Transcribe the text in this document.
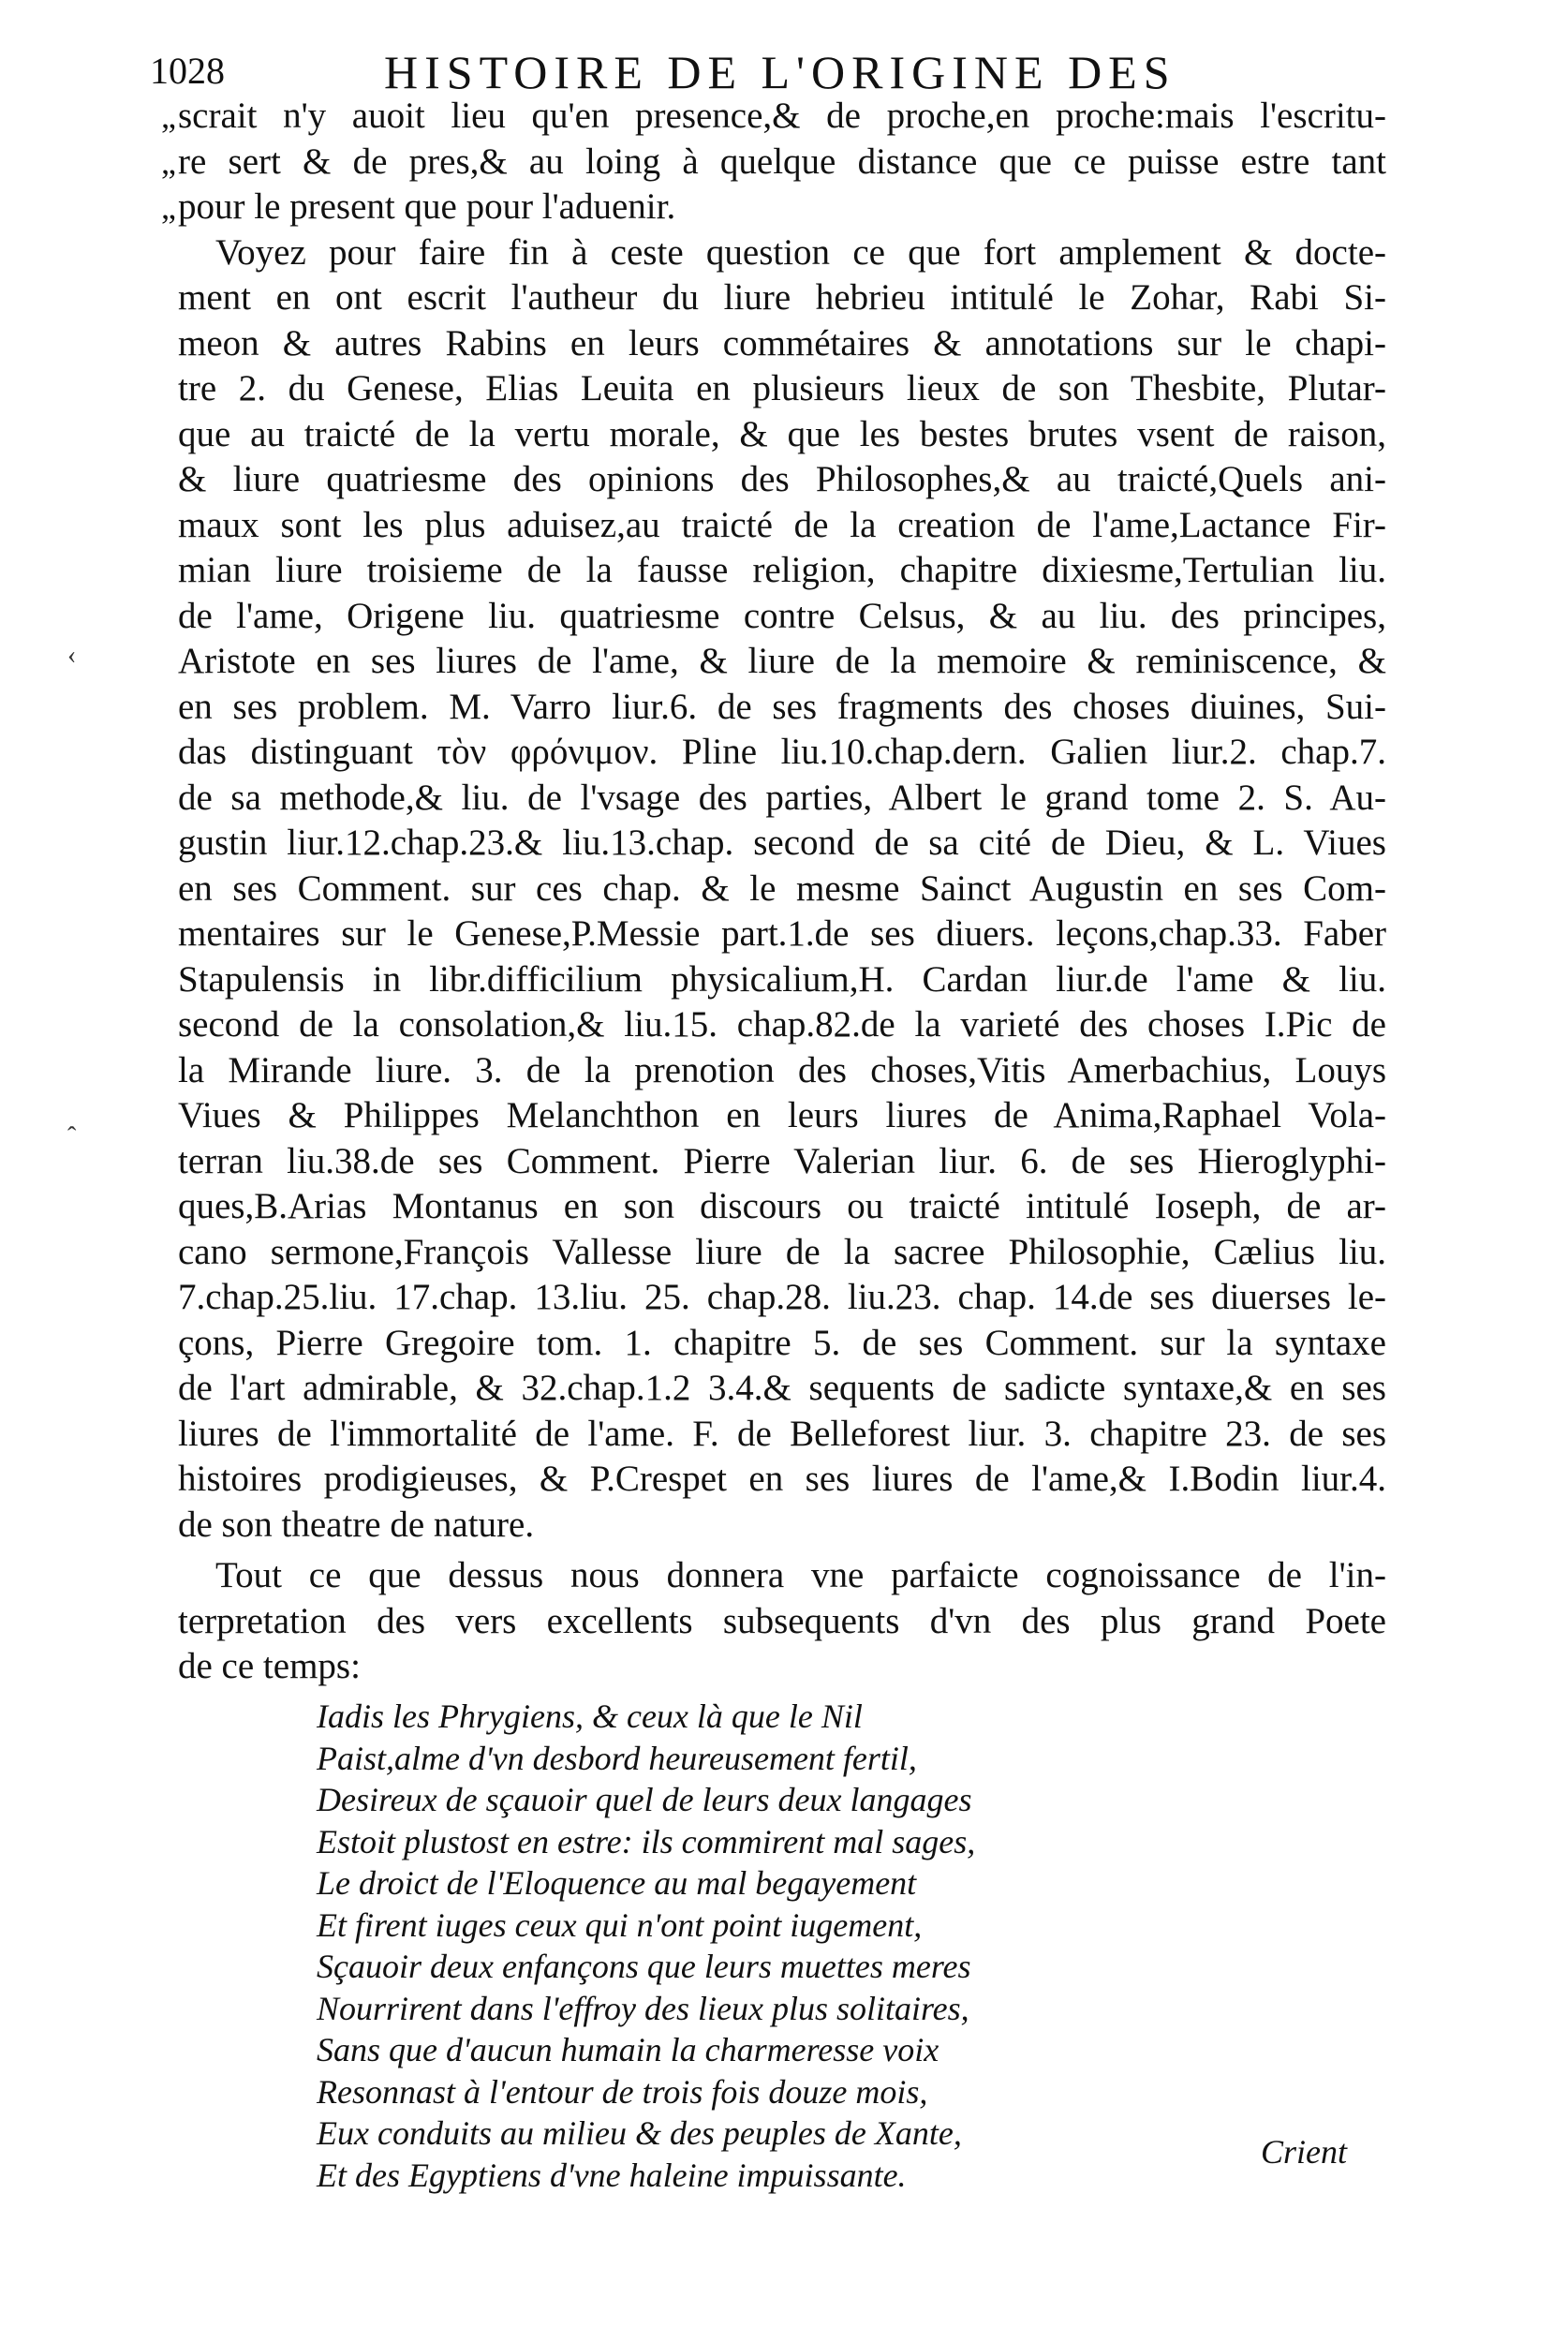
1028	HISTOIRE DE L'ORIGINE DES
„ scrait n'y auoit lieu qu'en presence,& de proche,en proche:mais l'escritu-
„ re sert & de pres,& au loing à quelque distance que ce puisse estre tant
„ pour le present que pour l'aduenir.
Voyez pour faire fin à ceste question ce que fort amplement & docte-
ment en ont escrit l'autheur du liure hebrieu intitulé le Zohar, Rabi Si-
meon & autres Rabins en leurs commétaires & annotations sur le chapi-
tre 2. du Genese, Elias Leuita en plusieurs lieux de son Thesbite, Plutar-
que au traicté de la vertu morale, & que les bestes brutes vsent de raison,
& liure quatriesme des opinions des Philosophes,& au traicté,Quels ani-
maux sont les plus aduisez,au traicté de la creation de l'ame,Lactance Fir-
mian liure troisieme de la fausse religion, chapitre dixiesme,Tertulian liu.
de l'ame, Origene liu. quatriesme contre Celsus, & au liu. des principes,
Aristote en ses liures de l'ame, & liure de la memoire & reminiscence, &
en ses problem. M. Varro liur.6. de ses fragments des choses diuines, Sui-
das distinguant τὸν φρόνιμον. Pline liu.10.chap.dern. Galien liur.2. chap.7.
de sa methode,& liu. de l'vsage des parties, Albert le grand tome 2. S. Au-
gustin liur.12.chap.23.& liu.13.chap. second de sa cité de Dieu, & L. Viues
en ses Comment. sur ces chap. & le mesme Sainct Augustin en ses Com-
mentaires sur le Genese,P.Messie part.1.de ses diuers. leçons,chap.33. Faber
Stapulensis in libr.difficilium physicalium,H. Cardan liur.de l'ame & liu.
second de la consolation,& liu.15. chap.82.de la varieté des choses I.Pic de
la Mirande liure. 3. de la prenotion des choses,Vitis Amerbachius, Louys
Viues & Philippes Melanchthon en leurs liures de Anima,Raphael Vola-
terran liu.38.de ses Comment. Pierre Valerian liur. 6. de ses Hieroglyphi-
ques,B.Arias Montanus en son discours ou traicté intitulé Ioseph, de ar-
cano sermone,François Vallesse liure de la sacree Philosophie, Cælius liu.
7.chap.25.liu. 17.chap. 13.liu. 25. chap.28. liu.23. chap. 14.de ses diuerses le-
çons, Pierre Gregoire tom. 1. chapitre 5. de ses Comment. sur la syntaxe
de l'art admirable, & 32.chap.1.2 3.4.& sequents de sadicte syntaxe,& en ses
liures de l'immortalité de l'ame. F. de Belleforest liur. 3. chapitre 23. de ses
histoires prodigieuses, & P.Crespet en ses liures de l'ame,& I.Bodin liur.4.
de son theatre de nature.
Tout ce que dessus nous donnera vne parfaicte cognoissance de l'in-
terpretation des vers excellents subsequents d'vn des plus grand Poete
de ce temps:
Iadis les Phrygiens, & ceux là que le Nil
Paist,alme d'vn desbord heureusement fertil,
Desireux de sçauoir quel de leurs deux langages
Estoit plustost en estre: ils commirent mal sages,
Le droict de l'Eloquence au mal begayement
Et firent iuges ceux qui n'ont point iugement,
Sçauoir deux enfançons que leurs muettes meres
Nourrirent dans l'effroy des lieux plus solitaires,
Sans que d'aucun humain la charmeresse voix
Resonnast à l'entour de trois fois douze mois,
Eux conduits au milieu & des peuples de Xante,
Et des Egyptiens d'vne haleine impuissante.
‹
ˆ
Crient
